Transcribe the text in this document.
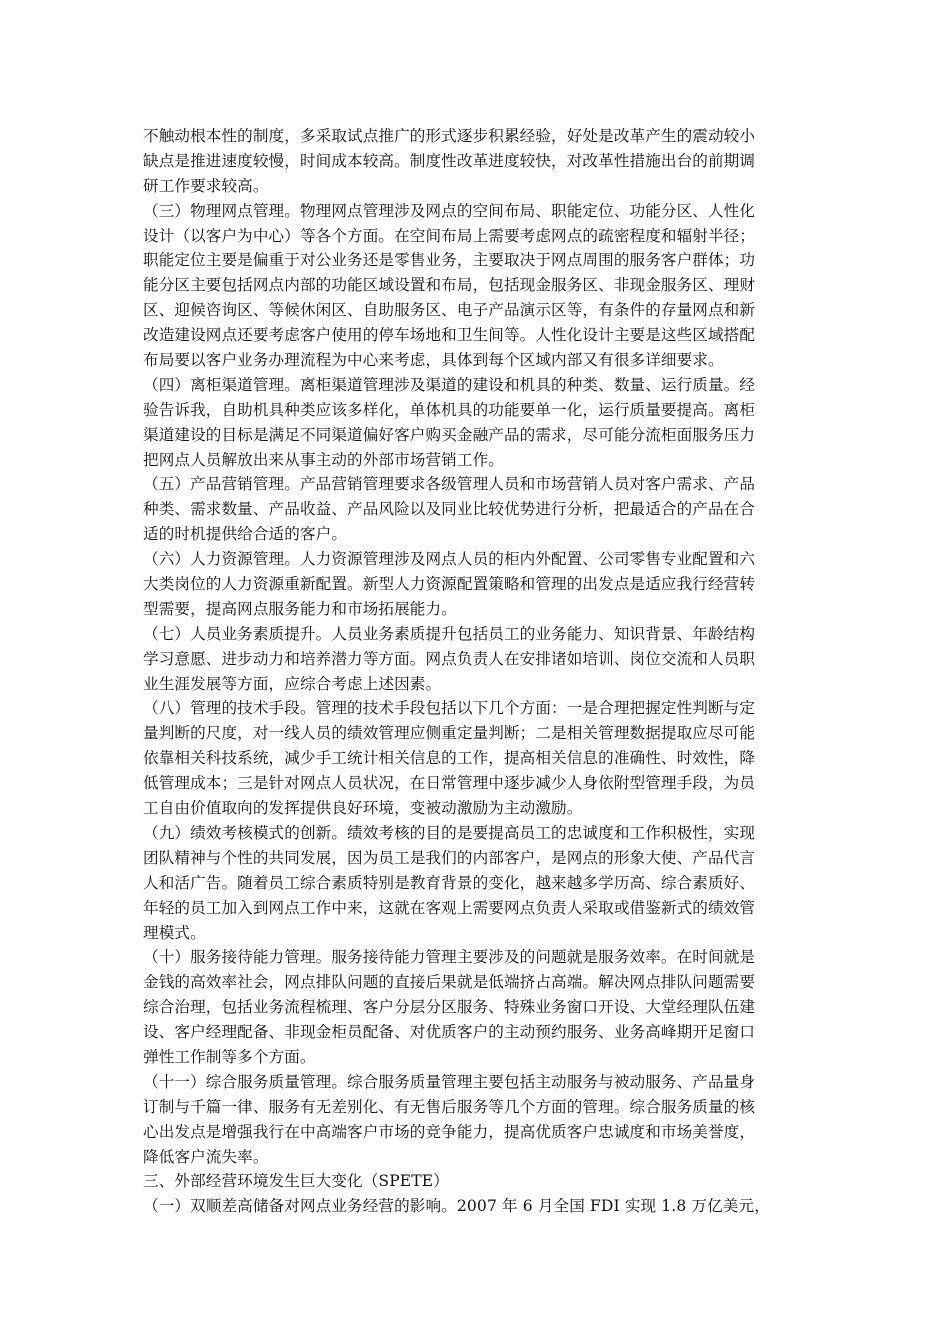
不触动根本性的制度，多采取试点推广的形式逐步积累经验，好处是改革产生的震动较小
缺点是推进速度较慢，时间成本较高。制度性改革进度较快，对改革性措施出台的前期调
研工作要求较高。
（三）物理网点管理。物理网点管理涉及网点的空间布局、职能定位、功能分区、人性化
设计（以客户为中心）等各个方面。在空间布局上需要考虑网点的疏密程度和辐射半径；
职能定位主要是偏重于对公业务还是零售业务，主要取决于网点周围的服务客户群体；功
能分区主要包括网点内部的功能区域设置和布局，包括现金服务区、非现金服务区、理财
区、迎候咨询区、等候休闲区、自助服务区、电子产品演示区等，有条件的存量网点和新
改造建设网点还要考虑客户使用的停车场地和卫生间等。人性化设计主要是这些区域搭配
布局要以客户业务办理流程为中心来考虑，具体到每个区域内部又有很多详细要求。
（四）离柜渠道管理。离柜渠道管理涉及渠道的建设和机具的种类、数量、运行质量。经
验告诉我，自助机具种类应该多样化，单体机具的功能要单一化，运行质量要提高。离柜
渠道建设的目标是满足不同渠道偏好客户购买金融产品的需求，尽可能分流柜面服务压力
把网点人员解放出来从事主动的外部市场营销工作。
（五）产品营销管理。产品营销管理要求各级管理人员和市场营销人员对客户需求、产品
种类、需求数量、产品收益、产品风险以及同业比较优势进行分析，把最适合的产品在合
适的时机提供给合适的客户。
（六）人力资源管理。人力资源管理涉及网点人员的柜内外配置、公司零售专业配置和六
大类岗位的人力资源重新配置。新型人力资源配置策略和管理的出发点是适应我行经营转
型需要，提高网点服务能力和市场拓展能力。
（七）人员业务素质提升。人员业务素质提升包括员工的业务能力、知识背景、年龄结构
学习意愿、进步动力和培养潜力等方面。网点负责人在安排诸如培训、岗位交流和人员职
业生涯发展等方面，应综合考虑上述因素。
（八）管理的技术手段。管理的技术手段包括以下几个方面：一是合理把握定性判断与定
量判断的尺度，对一线人员的绩效管理应侧重定量判断；二是相关管理数据提取应尽可能
依靠相关科技系统，减少手工统计相关信息的工作，提高相关信息的准确性、时效性，降
低管理成本；三是针对网点人员状况，在日常管理中逐步减少人身依附型管理手段，为员
工自由价值取向的发挥提供良好环境，变被动激励为主动激励。
（九）绩效考核模式的创新。绩效考核的目的是要提高员工的忠诚度和工作积极性，实现
团队精神与个性的共同发展，因为员工是我们的内部客户，是网点的形象大使、产品代言
人和活广告。随着员工综合素质特别是教育背景的变化，越来越多学历高、综合素质好、
年轻的员工加入到网点工作中来，这就在客观上需要网点负责人采取或借鉴新式的绩效管
理模式。
（十）服务接待能力管理。服务接待能力管理主要涉及的问题就是服务效率。在时间就是
金钱的高效率社会，网点排队问题的直接后果就是低端挤占高端。解决网点排队问题需要
综合治理，包括业务流程梳理、客户分层分区服务、特殊业务窗口开设、大堂经理队伍建
设、客户经理配备、非现金柜员配备、对优质客户的主动预约服务、业务高峰期开足窗口
弹性工作制等多个方面。
（十一）综合服务质量管理。综合服务质量管理主要包括主动服务与被动服务、产品量身
订制与千篇一律、服务有无差别化、有无售后服务等几个方面的管理。综合服务质量的核
心出发点是增强我行在中高端客户市场的竞争能力，提高优质客户忠诚度和市场美誉度，
降低客户流失率。
三、外部经营环境发生巨大变化（SPETE）
（一）双顺差高储备对网点业务经营的影响。2007 年 6 月全国 FDI 实现 1.8 万亿美元，
